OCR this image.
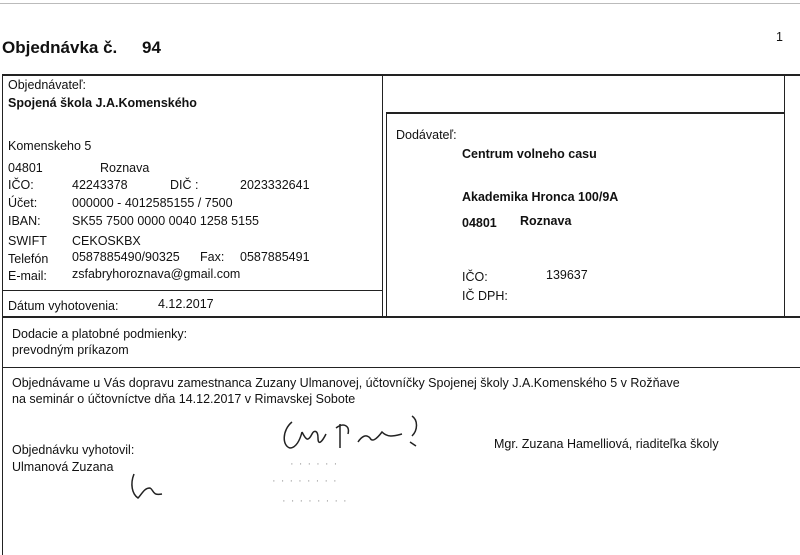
Objednávka č. 94
1
Objednávateľ:
Spojená škola J.A.Komenského
Komenskeho 5
04801	Roznava
IČO:	42243378	DIČ :	2023332641
Účet:	000000 - 4012585155 / 7500
IBAN:	SK55 7500 0000 0040 1258 5155
SWIFT CEKOSKBX
Telefón 0587885490/90325 Fax: 0587885491
E-mail: zsfabryhoroznava@gmail.com
Dátum vyhotovenia:	4.12.2017
Dodávateľ:
Centrum volneho casu
Akademika Hronca 100/9A
04801 Roznava
IČO:	139637
IČ DPH:
Dodacie a platobné podmienky:
prevodným príkazom
Objednávame u Vás dopravu zamestnanca Zuzany Ulmanovej, účtovníčky Spojenej školy J.A.Komenského 5 v Rožňave
na seminár o účtovníctve dňa 14.12.2017 v Rimavskej Sobote
Objednávku vyhotovil:
Ulmanová Zuzana
Mgr. Zuzana Hamelliová, riaditeľka školy
· · · · · ·
· · · · · · · ·
· · · · · · · ·
